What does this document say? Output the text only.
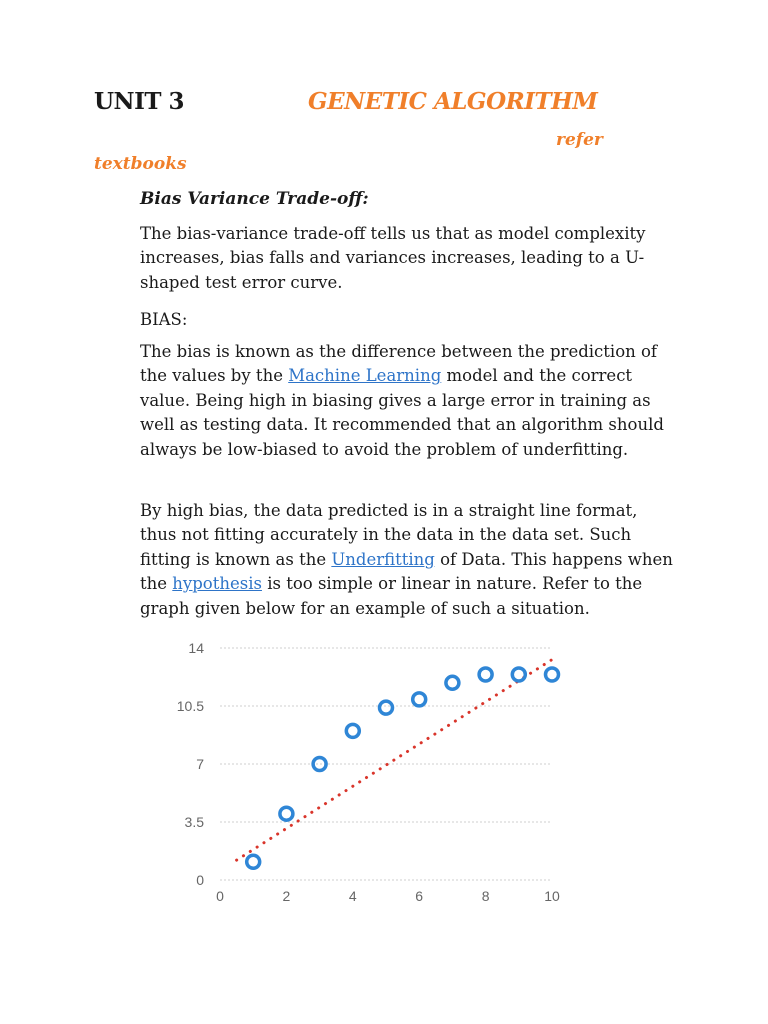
UNIT 3	GENETIC ALGORITHM
refer
textbooks
Bias Variance Trade-off:

The bias-variance trade-off tells us that as model complexity increases, bias falls and variances increases, leading to a U-shaped test error curve.

BIAS:

The bias is known as the difference between the prediction of the values by the Machine Learning model and the correct value. Being high in biasing gives a large error in training as well as testing data. It recommended that an algorithm should always be low-biased to avoid the problem of underfitting.

By high bias, the data predicted is in a straight line format, thus not fitting accurately in the data in the data set. Such fitting is known as the Underfitting of Data. This happens when the hypothesis is too simple or linear in nature. Refer to the graph given below for an example of such a situation.

0
3.5
7
10.5
14
0	2	4	6	8	10
